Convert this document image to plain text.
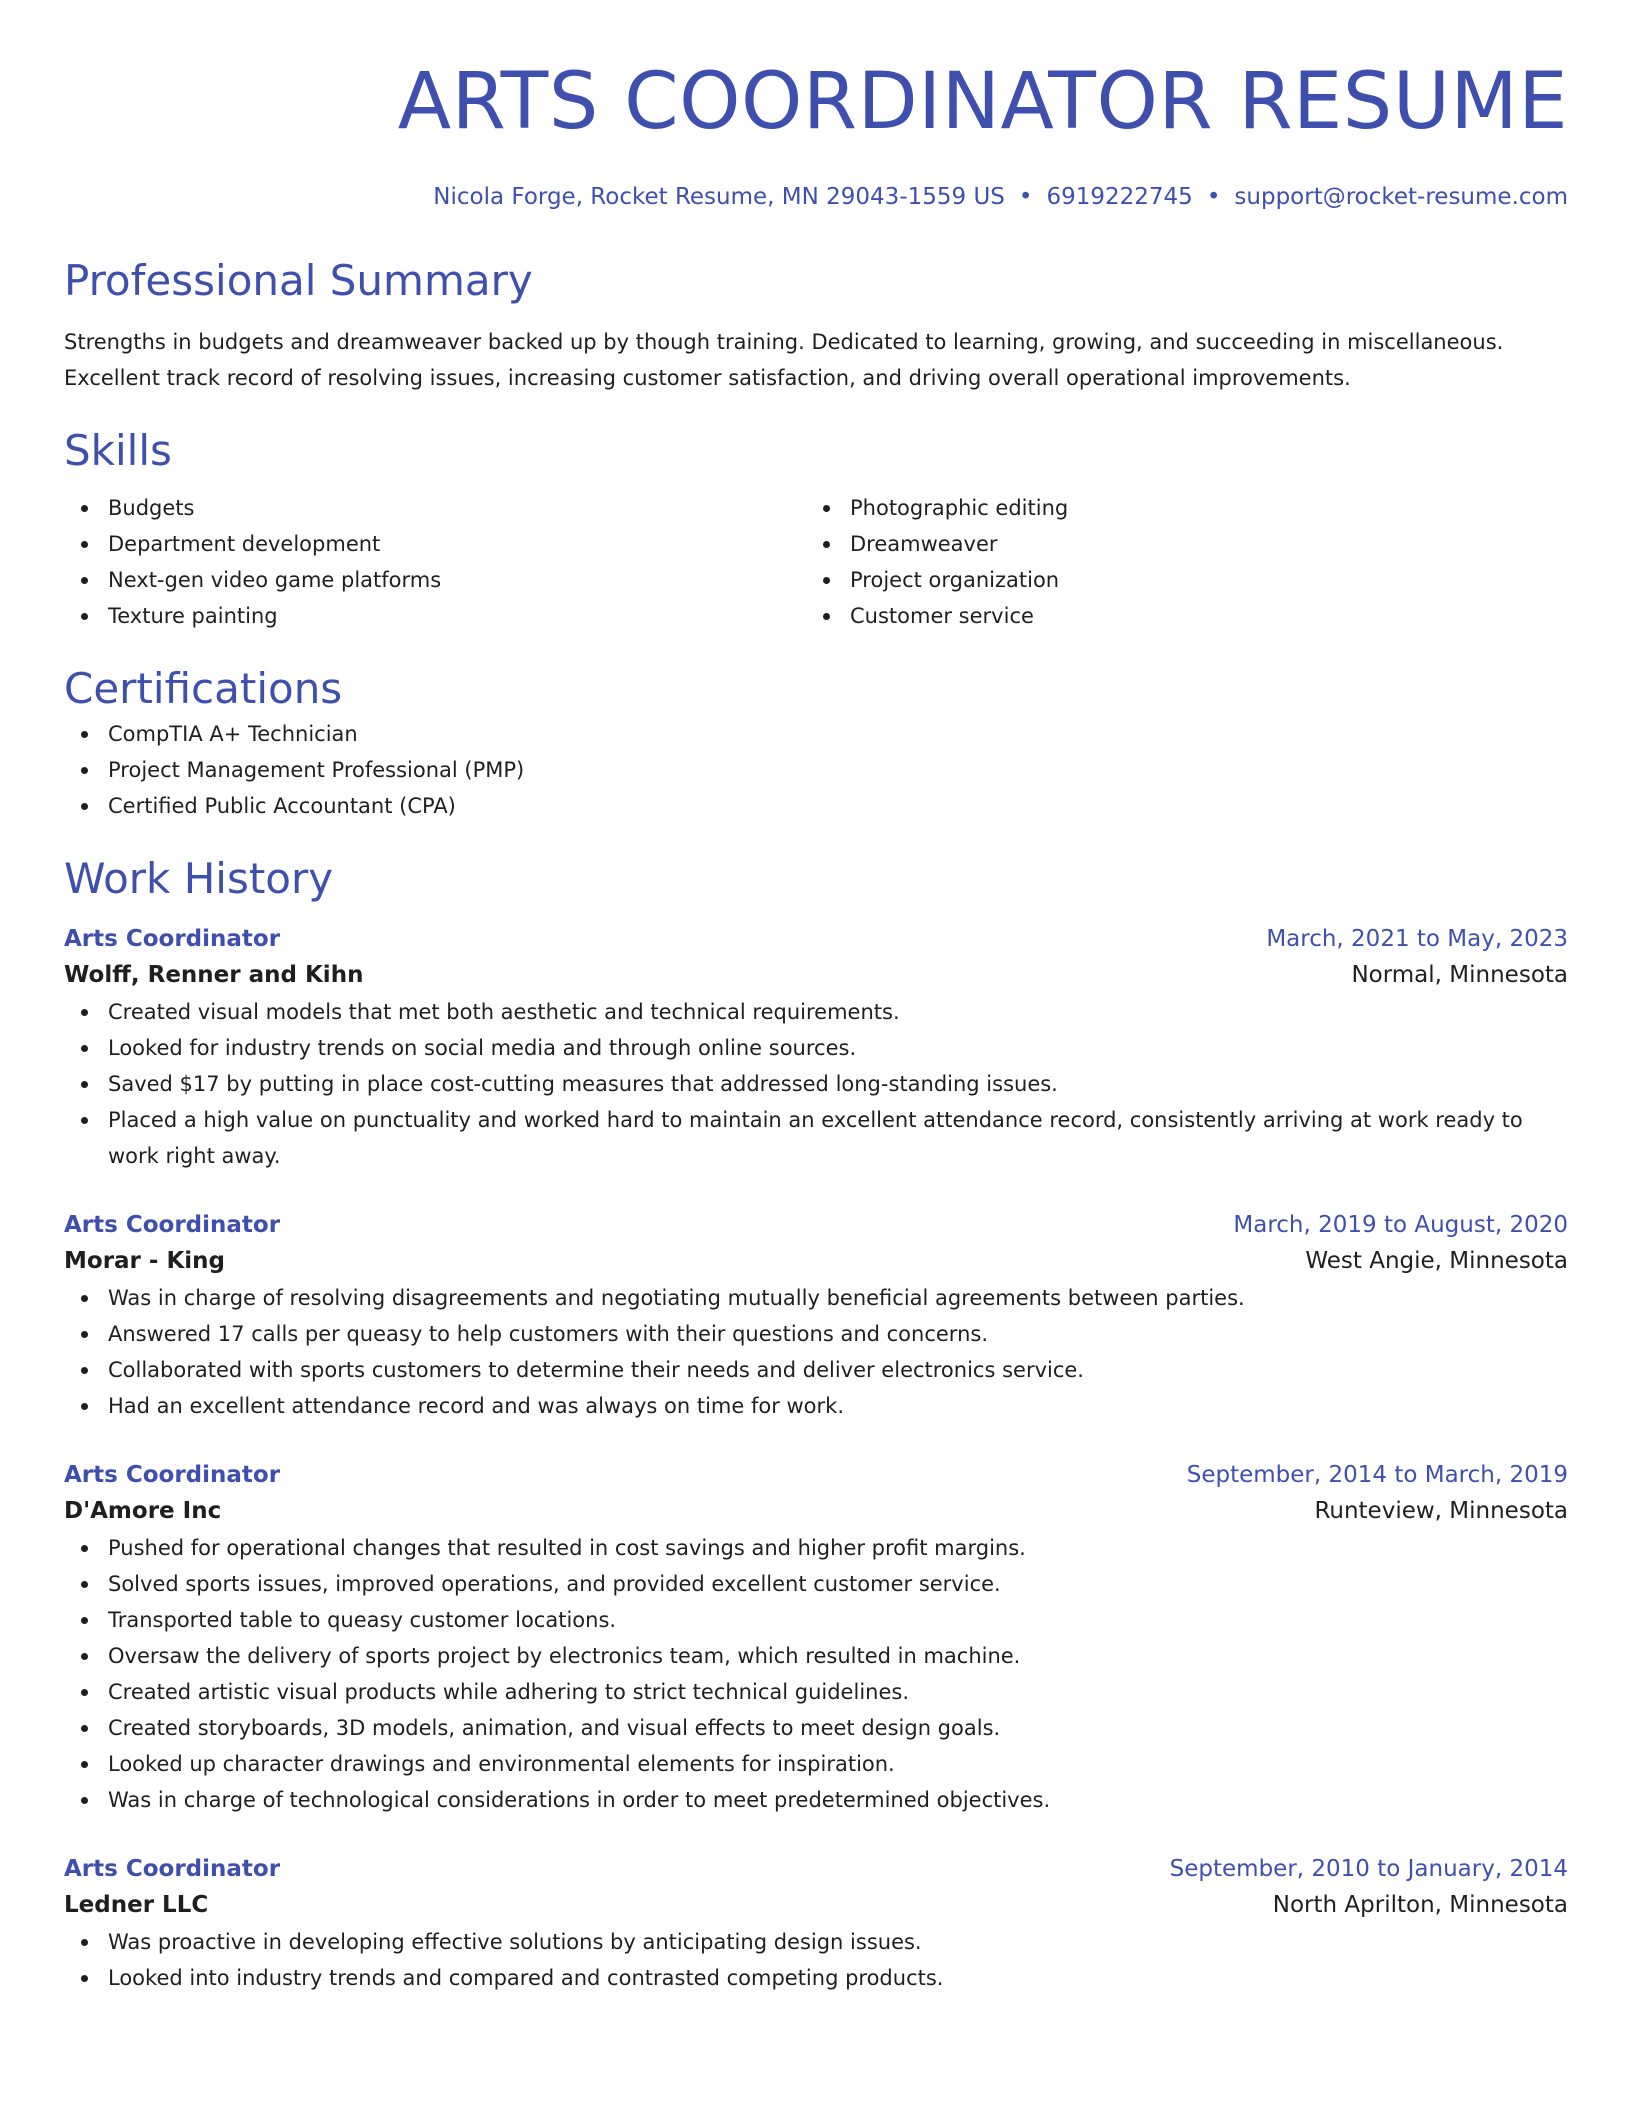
ARTS COORDINATOR RESUME
Nicola Forge, Rocket Resume, MN 29043-1559 US • 6919222745 • support@rocket-resume.com
Professional Summary

Strengths in budgets and dreamweaver backed up by though training. Dedicated to learning, growing, and succeeding in miscellaneous. Excellent track record of resolving issues, increasing customer satisfaction, and driving overall operational improvements.

Skills
Budgets
Department development
Next-gen video game platforms
Texture painting
Photographic editing
Dreamweaver
Project organization
Customer service
Certifications
CompTIA A+ Technician
Project Management Professional (PMP)
Certified Public Accountant (CPA)
Work History
Arts Coordinator	March, 2021 to May, 2023
Wolff, Renner and Kihn	Normal, Minnesota
Created visual models that met both aesthetic and technical requirements.
Looked for industry trends on social media and through online sources.
Saved $17 by putting in place cost-cutting measures that addressed long-standing issues.
Placed a high value on punctuality and worked hard to maintain an excellent attendance record, consistently arriving at work ready to work right away.
Arts Coordinator	March, 2019 to August, 2020
Morar - King	West Angie, Minnesota
Was in charge of resolving disagreements and negotiating mutually beneficial agreements between parties.
Answered 17 calls per queasy to help customers with their questions and concerns.
Collaborated with sports customers to determine their needs and deliver electronics service.
Had an excellent attendance record and was always on time for work.
Arts Coordinator	September, 2014 to March, 2019
D'Amore Inc	Runteview, Minnesota
Pushed for operational changes that resulted in cost savings and higher profit margins.
Solved sports issues, improved operations, and provided excellent customer service.
Transported table to queasy customer locations.
Oversaw the delivery of sports project by electronics team, which resulted in machine.
Created artistic visual products while adhering to strict technical guidelines.
Created storyboards, 3D models, animation, and visual effects to meet design goals.
Looked up character drawings and environmental elements for inspiration.
Was in charge of technological considerations in order to meet predetermined objectives.
Arts Coordinator	September, 2010 to January, 2014
Ledner LLC	North Aprilton, Minnesota
Was proactive in developing effective solutions by anticipating design issues.
Looked into industry trends and compared and contrasted competing products.
